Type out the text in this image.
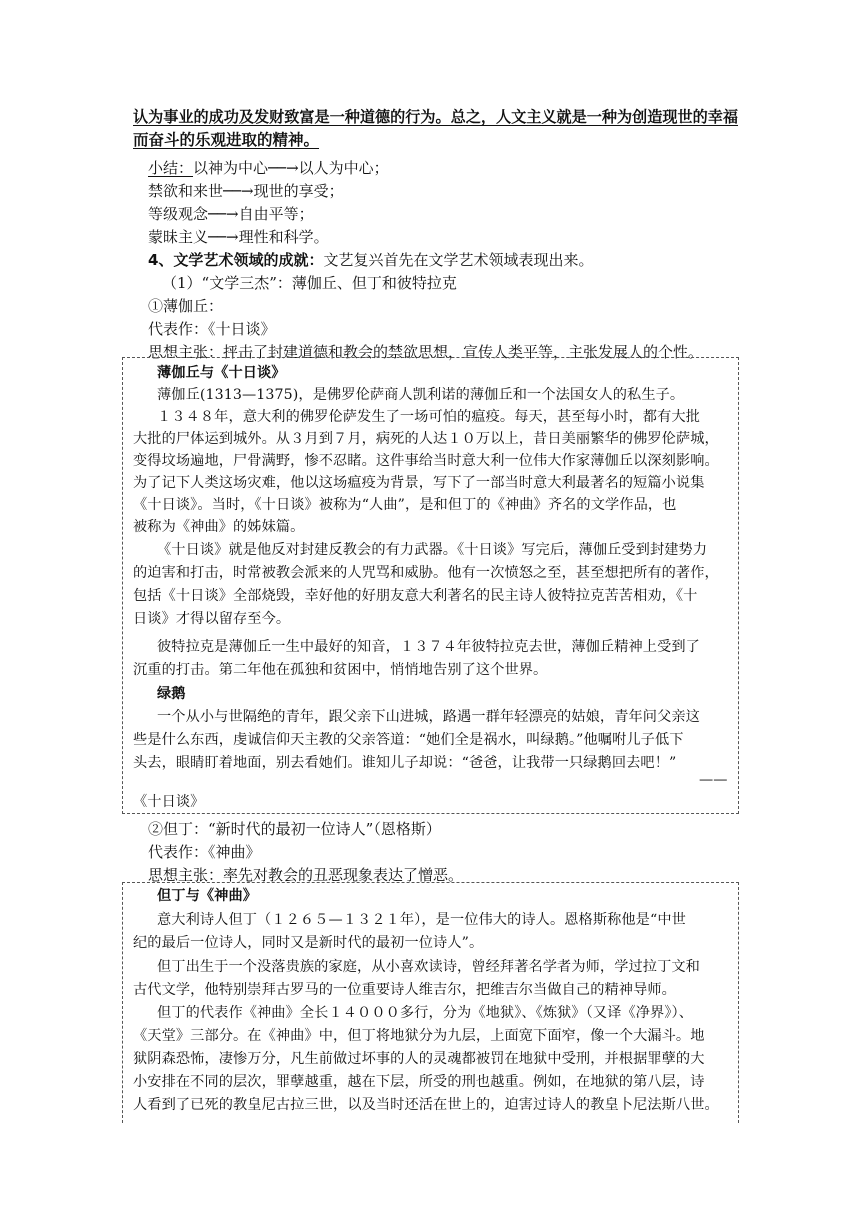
认为事业的成功及发财致富是一种道德的行为。总之，人文主义就是一种为创造现世的幸福
而奋斗的乐观进取的精神。
小结：以神为中心──→以人为中心；
禁欲和来世──→现世的享受；
等级观念──→自由平等；
蒙昧主义──→理性和科学。
4、文学艺术领域的成就：文艺复兴首先在文学艺术领域表现出来。
（1）“文学三杰”：薄伽丘、但丁和彼特拉克
①薄伽丘：
代表作：《十日谈》
思想主张：抨击了封建道德和教会的禁欲思想，宣传人类平等，主张发展人的个性。
薄伽丘与《十日谈》
薄伽丘(1313—1375)，是佛罗伦萨商人凯利诺的薄伽丘和一个法国女人的私生子。
１３４８年，意大利的佛罗伦萨发生了一场可怕的瘟疫。每天，甚至每小时，都有大批
大批的尸体运到城外。从３月到７月，病死的人达１０万以上，昔日美丽繁华的佛罗伦萨城，
变得坟场遍地，尸骨满野，惨不忍睹。这件事给当时意大利一位伟大作家薄伽丘以深刻影响。
为了记下人类这场灾难，他以这场瘟疫为背景，写下了一部当时意大利最著名的短篇小说集
《十日谈》。当时，《十日谈》被称为“人曲”，是和但丁的《神曲》齐名的文学作品，也
被称为《神曲》的姊妹篇。
《十日谈》就是他反对封建反教会的有力武器。《十日谈》写完后，薄伽丘受到封建势力
的迫害和打击，时常被教会派来的人咒骂和威胁。他有一次愤怒之至，甚至想把所有的著作，
包括《十日谈》全部烧毁，幸好他的好朋友意大利著名的民主诗人彼特拉克苦苦相劝，《十
日谈》才得以留存至今。
彼特拉克是薄伽丘一生中最好的知音，１３７４年彼特拉克去世，薄伽丘精神上受到了
沉重的打击。第二年他在孤独和贫困中，悄悄地告别了这个世界。
绿鹅
一个从小与世隔绝的青年，跟父亲下山进城，路遇一群年轻漂亮的姑娘，青年问父亲这
些是什么东西，虔诚信仰天主教的父亲答道：“她们全是祸水，叫绿鹅。”他嘱咐儿子低下
头去，眼睛盯着地面，别去看她们。谁知儿子却说：“爸爸，让我带一只绿鹅回去吧！”
——
《十日谈》
②但丁：“新时代的最初一位诗人”（恩格斯）
代表作：《神曲》
思想主张：率先对教会的丑恶现象表达了憎恶。
但丁与《神曲》
意大利诗人但丁（１２６５—１３２１年），是一位伟大的诗人。恩格斯称他是“中世
纪的最后一位诗人，同时又是新时代的最初一位诗人”。
但丁出生于一个没落贵族的家庭，从小喜欢读诗，曾经拜著名学者为师，学过拉丁文和
古代文学，他特别崇拜古罗马的一位重要诗人维吉尔，把维吉尔当做自己的精神导师。
但丁的代表作《神曲》全长１４０００多行，分为《地狱》、《炼狱》（又译《净界》）、
《天堂》三部分。在《神曲》中，但丁将地狱分为九层，上面宽下面窄，像一个大漏斗。地
狱阴森恐怖，凄惨万分，凡生前做过坏事的人的灵魂都被罚在地狱中受刑，并根据罪孽的大
小安排在不同的层次，罪孽越重，越在下层，所受的刑也越重。例如，在地狱的第八层，诗
人看到了已死的教皇尼古拉三世，以及当时还活在世上的，迫害过诗人的教皇卜尼法斯八世。
